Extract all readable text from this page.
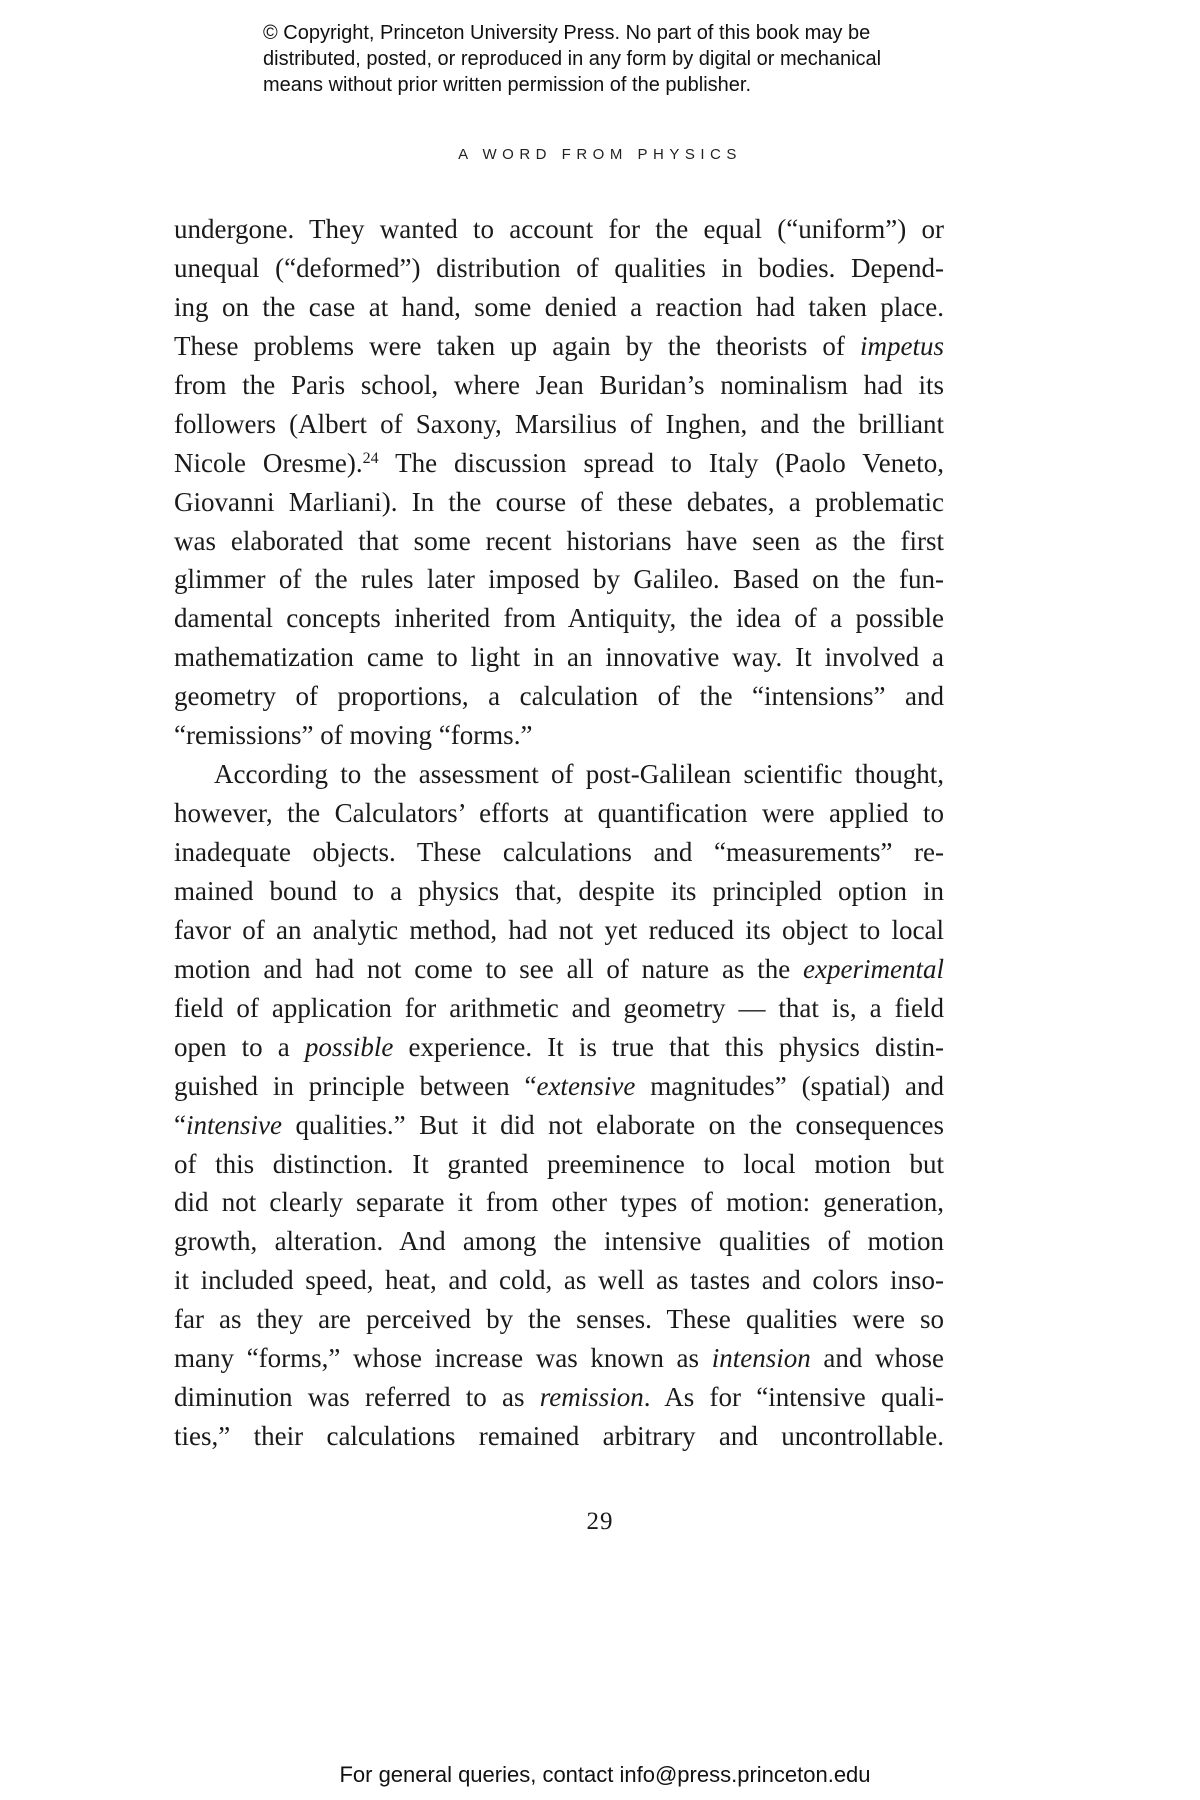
© Copyright, Princeton University Press. No part of this book may be
distributed, posted, or reproduced in any form by digital or mechanical
means without prior written permission of the publisher.
A WORD FROM PHYSICS
undergone. They wanted to account for the equal (“uniform”) or
unequal (“deformed”) distribution of qualities in bodies. Depend-
ing on the case at hand, some denied a reaction had taken place.
These problems were taken up again by the theorists of impetus
from the Paris school, where Jean Buridan’s nominalism had its
followers (Albert of Saxony, Marsilius of Inghen, and the brilliant
Nicole Oresme).$^{24}$ The discussion spread to Italy (Paolo Veneto,
Giovanni Marliani). In the course of these debates, a problematic
was elaborated that some recent historians have seen as the first
glimmer of the rules later imposed by Galileo. Based on the fun-
damental concepts inherited from Antiquity, the idea of a possible
mathematization came to light in an innovative way. It involved a
geometry of proportions, a calculation of the “intensions” and
“remissions” of moving “forms.”
According to the assessment of post-Galilean scientific thought,
however, the Calculators’ efforts at quantification were applied to
inadequate objects. These calculations and “measurements” re-
mained bound to a physics that, despite its principled option in
favor of an analytic method, had not yet reduced its object to local
motion and had not come to see all of nature as the experimental
field of application for arithmetic and geometry — that is, a field
open to a possible experience. It is true that this physics distin-
guished in principle between “extensive magnitudes” (spatial) and
“intensive qualities.” But it did not elaborate on the consequences
of this distinction. It granted preeminence to local motion but
did not clearly separate it from other types of motion: generation,
growth, alteration. And among the intensive qualities of motion
it included speed, heat, and cold, as well as tastes and colors inso-
far as they are perceived by the senses. These qualities were so
many “forms,” whose increase was known as intension and whose
diminution was referred to as remission. As for “intensive quali-
ties,” their calculations remained arbitrary and uncontrollable.
29
For general queries, contact info@press.princeton.edu
